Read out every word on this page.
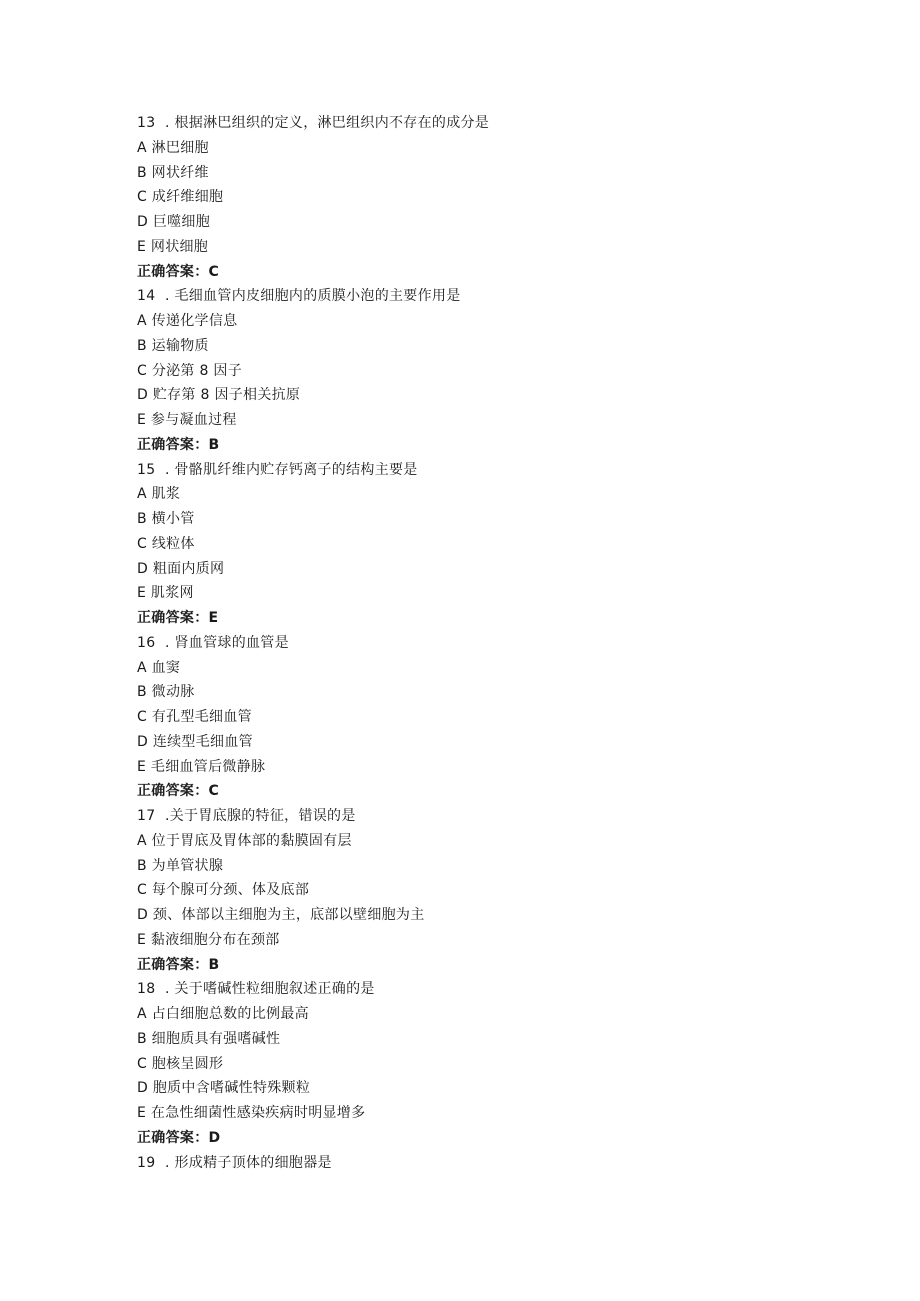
13 . 根据淋巴组织的定义，淋巴组织内不存在的成分是
A 淋巴细胞
B 网状纤维
C 成纤维细胞
D 巨噬细胞
E 网状细胞
正确答案：C
14 . 毛细血管内皮细胞内的质膜小泡的主要作用是
A 传递化学信息
B 运输物质
C 分泌第 8 因子
D 贮存第 8 因子相关抗原
E 参与凝血过程
正确答案：B
15 . 骨骼肌纤维内贮存钙离子的结构主要是
A 肌浆
B 横小管
C 线粒体
D 粗面内质网
E 肌浆网
正确答案：E
16 . 肾血管球的血管是
A 血窦
B 微动脉
C 有孔型毛细血管
D 连续型毛细血管
E 毛细血管后微静脉
正确答案：C
17 .关于胃底腺的特征，错误的是
A 位于胃底及胃体部的黏膜固有层
B 为单管状腺
C 每个腺可分颈、体及底部
D 颈、体部以主细胞为主，底部以壁细胞为主
E 黏液细胞分布在颈部
正确答案：B
18 . 关于嗜碱性粒细胞叙述正确的是
A 占白细胞总数的比例最高
B 细胞质具有强嗜碱性
C 胞核呈圆形
D 胞质中含嗜碱性特殊颗粒
E 在急性细菌性感染疾病时明显增多
正确答案：D
19 . 形成精子顶体的细胞器是
